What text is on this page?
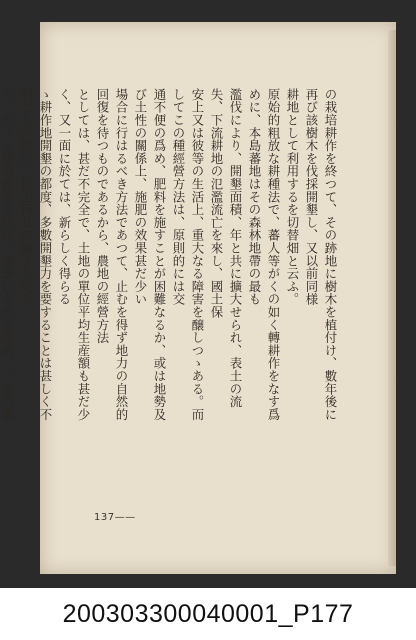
の栽培耕作を終つて、その跡地に樹木を植付け、數年後に再び該樹木を伐採開墾し、又以前同様

耕地として利用するを切替畑と云ふ。

原始的粗放な耕種法で、蕃人等がくの如く轉耕作をなす爲めに、本島蕃地はその森林地帶の最も

濫伐により、開墾面積、年と共に擴大せられ、表土の流失、下流耕地の氾濫流亡を來し、國土保

安上又は彼等の生活上、重大なる障害を醸しつゝある。而してこの種經營方法は、原則的には交

通不便の爲め、肥料を施すことが困難なるか、或は地勢及び土性の關係上、施肥の效果甚だ少い

場合に行はるべき方法であつて、止むを得ず地力の自然的回復を待つものであるから、農地の經營方法

としては、甚だ不完全で、土地の單位平均生産額も甚だ少く、又一面に於ては、新らしく得らる

ゝ耕作地開墾の都度、多數開墾力を要することは甚しく不利なるが故に、以上何れの點より見る

も、かゝる耕地經營方法は、速かに之れを改め、一定の農

137——
200303300040001_P177
